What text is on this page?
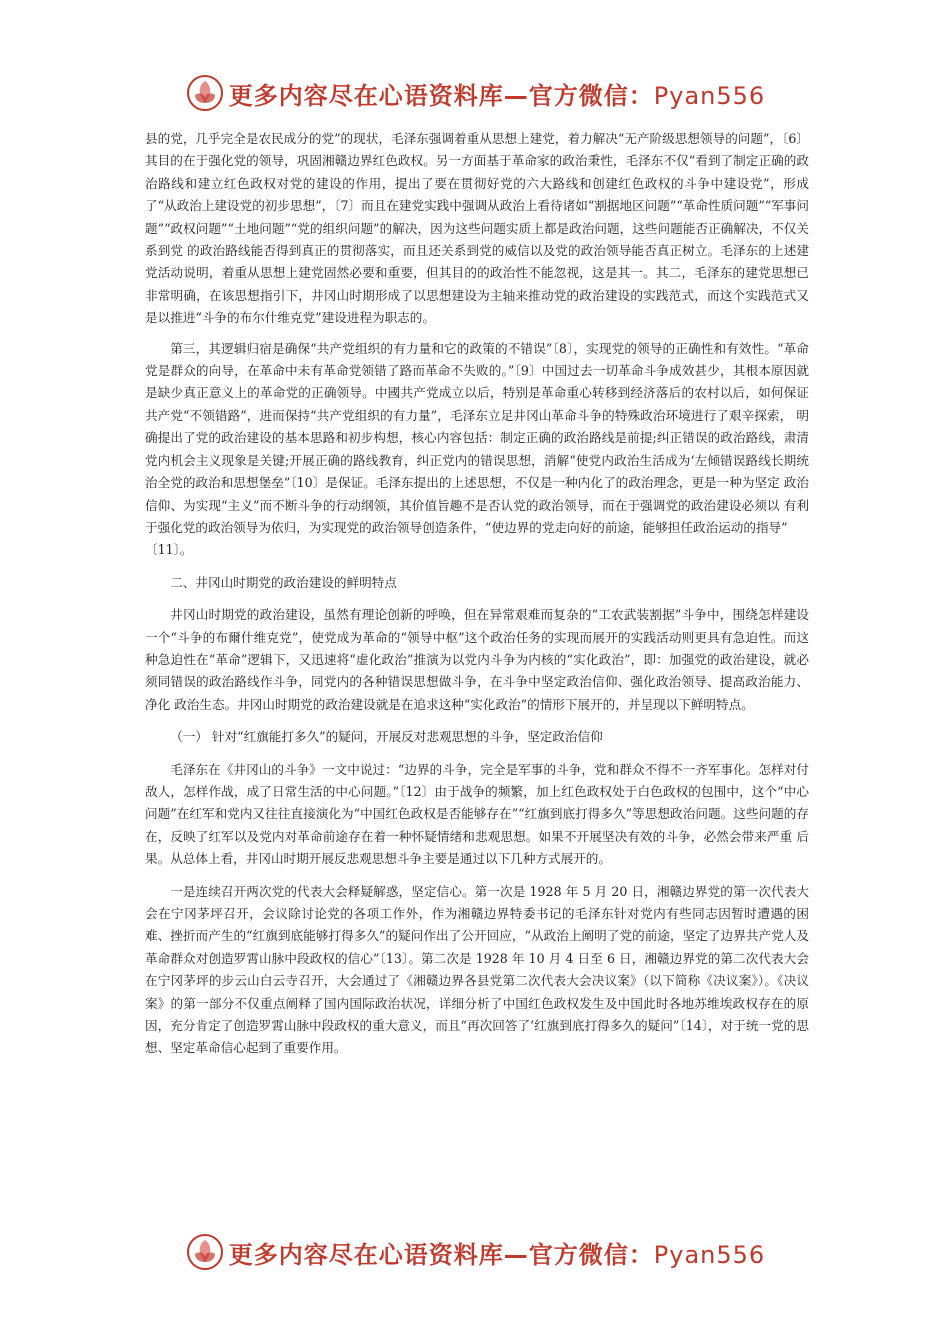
更多内容尽在心语资料库—官方微信：Pyan556

县的党，几乎完全是农民成分的党”的现状，毛泽东强调着重从思想上建党，着力解决“无产阶级思想领导的问题”，〔6〕其目的在于强化党的领导，巩固湘赣边界红色政权。另一方面基于革命家的政治秉性，毛泽东不仅“看到了制定正确的政治路线和建立红色政权对党的建设的作用，提出了要在贯彻好党的六大路线和创建红色政权的斗争中建设党”，形成了“从政治上建设党的初步思想”，〔7〕而且在建党实践中强调从政治上看待诸如“割据地区问题”“革命性质问题”“军事问题”“政权问题”“土地问题”“党的组织问题”的解决，因为这些问题实质上都是政治问题，这些问题能否正确解决，不仅关系到党 的政治路线能否得到真正的贯彻落实，而且还关系到党的威信以及党的政治领导能否真正树立。毛泽东的上述建党活动说明，着重从思想上建党固然必要和重要，但其目的的政治性不能忽视，这是其一。其二，毛泽东的建党思想已非常明确，在该思想指引下，井冈山时期形成了以思想建设为主轴来推动党的政治建设的实践范式，而这个实践范式又是以推进“斗争的布尔什维克党”建设进程为职志的。

第三，其逻辑归宿是确保“共产党组织的有力量和它的政策的不错误”〔8〕，实现党的领导的正确性和有效性。“革命党是群众的向导，在革命中未有革命党领错了路而革命不失败的。”〔9〕中国过去一切革命斗争成效甚少，其根本原因就是缺少真正意义上的革命党的正确领导。中國共产党成立以后，特别是革命重心转移到经济落后的农村以后，如何保证共产党“不领错路”，进而保持“共产党组织的有力量”，毛泽东立足井冈山革命斗争的特殊政治环境进行了艰辛探索， 明确提出了党的政治建设的基本思路和初步构想，核心内容包括：制定正确的政治路线是前提;纠正错误的政治路线，肃清党内机会主义现象是关键;开展正确的路线教育，纠正党内的错误思想，消解“使党内政治生活成为‘左倾错误路线长期统治全党的政治和思想堡垒”〔10〕是保证。毛泽东提出的上述思想，不仅是一种内化了的政治理念，更是一种为坚定 政治信仰、为实现“主义”而不断斗争的行动纲领，其价值旨趣不是否认党的政治领导，而在于强调党的政治建设必须以 有利于强化党的政治领导为依归，为实现党的政治领导创造条件，“使边界的党走向好的前途，能够担任政治运动的指导”

〔11〕。

二、井冈山时期党的政治建设的鲜明特点

井冈山时期党的政治建设，虽然有理论创新的呼唤，但在异常艰难而复杂的“工农武装割据”斗争中，围绕怎样建设一个“斗争的布爾什维克党”，使党成为革命的“领导中枢”这个政治任务的实现而展开的实践活动则更具有急迫性。而这种急迫性在“革命”逻辑下，又迅速将“虚化政治”推演为以党内斗争为内核的“实化政治”，即：加强党的政治建设，就必须同错误的政治路线作斗争，同党内的各种错误思想做斗争，在斗争中坚定政治信仰、强化政治领导、提高政治能力、净化 政治生态。井冈山时期党的政治建设就是在追求这种“实化政治”的情形下展开的，并呈现以下鲜明特点。

（一） 针对“红旗能打多久”的疑问，开展反对悲观思想的斗争，坚定政治信仰

毛泽东在《井冈山的斗争》一文中说过：“边界的斗争，完全是军事的斗争，党和群众不得不一齐军事化。怎样对付敌人，怎样作战，成了日常生活的中心问题。”〔12〕由于战争的频繁，加上红色政权处于白色政权的包围中，这个“中心问题”在红军和党内又往往直接演化为“中国红色政权是否能够存在”“红旗到底打得多久”等思想政治问题。这些问题的存在，反映了红军以及党内对革命前途存在着一种怀疑情绪和悲观思想。如果不开展坚决有效的斗争，必然会带来严重 后果。从总体上看，井冈山时期开展反悲观思想斗争主要是通过以下几种方式展开的。

一是连续召开两次党的代表大会释疑解惑，坚定信心。第一次是 1928 年 5 月 20 日，湘赣边界党的第一次代表大会在宁冈茅坪召开，会议除讨论党的各项工作外，作为湘赣边界特委书记的毛泽东针对党内有些同志因暂时遭遇的困难、挫折而产生的“红旗到底能够打得多久”的疑问作出了公开回应，“从政治上阐明了党的前途，坚定了边界共产党人及革命群众对创造罗霄山脉中段政权的信心”〔13〕。第二次是 1928 年 10 月 4 日至 6 日，湘赣边界党的第二次代表大会在宁冈茅坪的步云山白云寺召开，大会通过了《湘赣边界各县党第二次代表大会决议案》（以下简称《决议案》）。《决议案》的第一部分不仅重点阐释了国内国际政治状况，详细分析了中国红色政权发生及中国此时各地苏维埃政权存在的原因，充分肯定了创造罗霄山脉中段政权的重大意义，而且“再次回答了‘红旗到底打得多久的疑问”〔14〕，对于统一党的思想、坚定革命信心起到了重要作用。

更多内容尽在心语资料库—官方微信：Pyan556
